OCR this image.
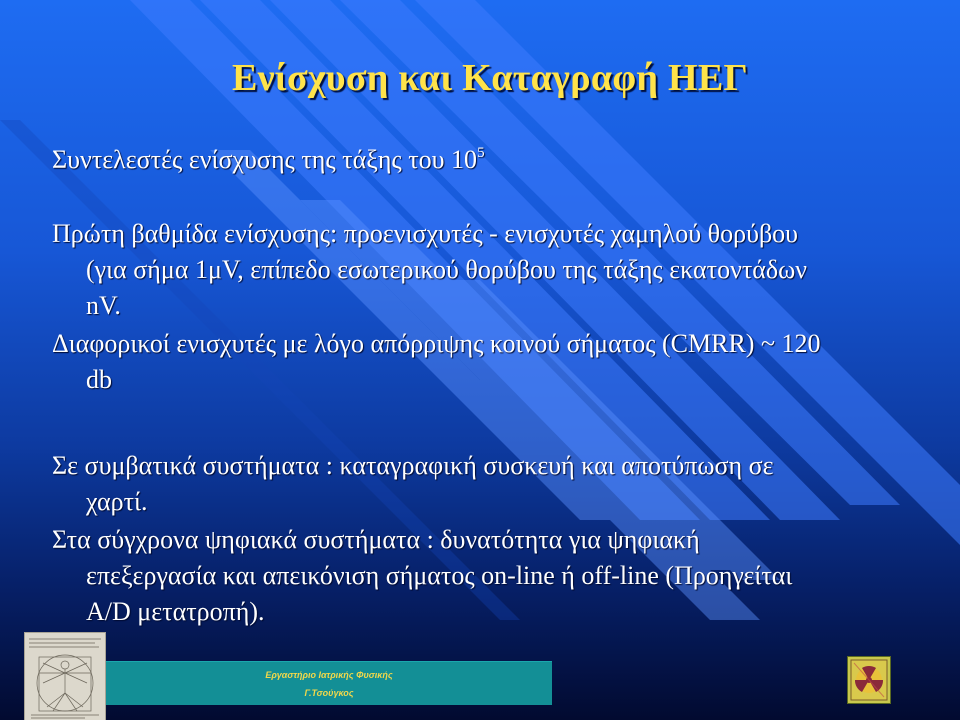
Ενίσχυση και Καταγραφή ΗΕΓ
Συντελεστές ενίσχυσης της τάξης του $10^5$
Πρώτη βαθμίδα ενίσχυσης: προενισχυτές - ενισχυτές χαμηλού θορύβου
(για σήμα 1μV, επίπεδο εσωτερικού θορύβου της τάξης εκατοντάδων
nV.
Διαφορικοί ενισχυτές με λόγο απόρριψης κοινού σήματος (CMRR) ~ 120
db
Σε συμβατικά συστήματα : καταγραφική συσκευή και αποτύπωση σε
χαρτί.
Στα σύγχρονα ψηφιακά συστήματα : δυνατότητα για ψηφιακή
επεξεργασία και απεικόνιση σήματος on-line ή off-line (Προηγείται
A/D μετατροπή).
Εργαστήριο Ιατρικής Φυσικής
Γ.Τσούγκος
